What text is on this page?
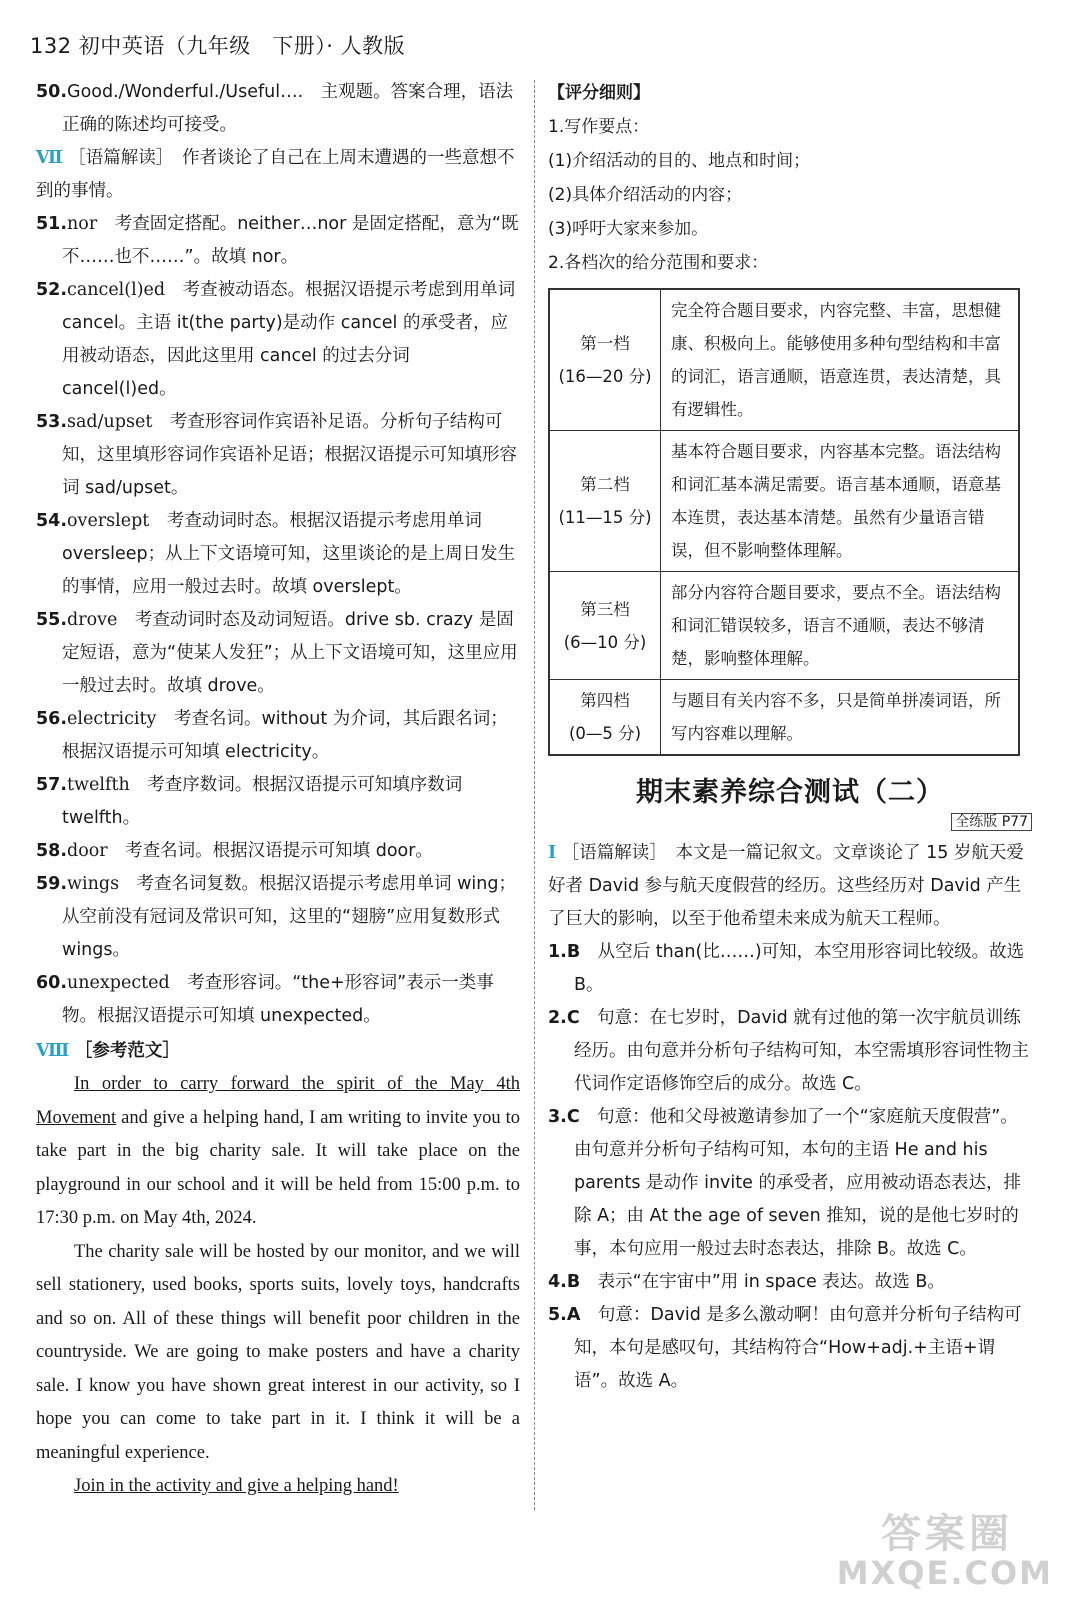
132 初中英语（九年级　下册）· 人教版

50.Good./Wonderful./Useful….　主观题。答案合理，语法正确的陈述均可接受。

Ⅶ ［语篇解读］　作者谈论了自己在上周末遭遇的一些意想不到的事情。

51.nor　考查固定搭配。neither…nor 是固定搭配，意为“既不……也不……”。故填 nor。

52.cancel(l)ed　考查被动语态。根据汉语提示考虑到用单词 cancel。主语 it(the party)是动作 cancel 的承受者，应用被动语态，因此这里用 cancel 的过去分词 cancel(l)ed。

53.sad/upset　考查形容词作宾语补足语。分析句子结构可知，这里填形容词作宾语补足语；根据汉语提示可知填形容词 sad/upset。

54.overslept　考查动词时态。根据汉语提示考虑用单词 oversleep；从上下文语境可知，这里谈论的是上周日发生的事情，应用一般过去时。故填 overslept。

55.drove　考查动词时态及动词短语。drive sb. crazy 是固定短语，意为“使某人发狂”；从上下文语境可知，这里应用一般过去时。故填 drove。

56.electricity　考查名词。without 为介词，其后跟名词；根据汉语提示可知填 electricity。

57.twelfth　考查序数词。根据汉语提示可知填序数词 twelfth。

58.door　考查名词。根据汉语提示可知填 door。

59.wings　考查名词复数。根据汉语提示考虑用单词 wing；从空前没有冠词及常识可知，这里的“翅膀”应用复数形式 wings。

60.unexpected　考查形容词。“the+形容词”表示一类事物。根据汉语提示可知填 unexpected。

Ⅷ ［参考范文］

In order to carry forward the spirit of the May 4th Movement and give a helping hand, I am writing to invite you to take part in the big charity sale. It will take place on the playground in our school and it will be held from 15:00 p.m. to 17:30 p.m. on May 4th, 2024.

The charity sale will be hosted by our monitor, and we will sell stationery, used books, sports suits, lovely toys, handcrafts and so on. All of these things will benefit poor children in the countryside. We are going to make posters and have a charity sale. I know you have shown great interest in our activity, so I hope you can come to take part in it. I think it will be a meaningful experience.

Join in the activity and give a helping hand!

【评分细则】

1.写作要点：

(1)介绍活动的目的、地点和时间；

(2)具体介绍活动的内容；

(3)呼吁大家来参加。

2.各档次的给分范围和要求：

第一档
(16—20 分)	完全符合题目要求，内容完整、丰富，思想健康、积极向上。能够使用多种句型结构和丰富的词汇，语言通顺，语意连贯，表达清楚，具有逻辑性。

第二档
(11—15 分)	基本符合题目要求，内容基本完整。语法结构和词汇基本满足需要。语言基本通顺，语意基本连贯，表达基本清楚。虽然有少量语言错误，但不影响整体理解。

第三档
(6—10 分)	部分内容符合题目要求，要点不全。语法结构和词汇错误较多，语言不通顺，表达不够清楚，影响整体理解。

第四档
(0—5 分)	与题目有关内容不多，只是简单拼凑词语，所写内容难以理解。
期末素养综合测试（二）
全练版 P77

Ⅰ ［语篇解读］　本文是一篇记叙文。文章谈论了 15 岁航天爱好者 David 参与航天度假营的经历。这些经历对 David 产生了巨大的影响，以至于他希望未来成为航天工程师。

1.B　从空后 than(比……)可知，本空用形容词比较级。故选 B。

2.C　句意：在七岁时，David 就有过他的第一次宇航员训练经历。由句意并分析句子结构可知，本空需填形容词性物主代词作定语修饰空后的成分。故选 C。

3.C　句意：他和父母被邀请参加了一个“家庭航天度假营”。由句意并分析句子结构可知，本句的主语 He and his parents 是动作 invite 的承受者，应用被动语态表达，排除 A；由 At the age of seven 推知，说的是他七岁时的事，本句应用一般过去时态表达，排除 B。故选 C。

4.B　表示“在宇宙中”用 in space 表达。故选 B。

5.A　句意：David 是多么激动啊！由句意并分析句子结构可知，本句是感叹句，其结构符合“How+adj.+主语+谓语”。故选 A。

答案圈
MXQE.COM
